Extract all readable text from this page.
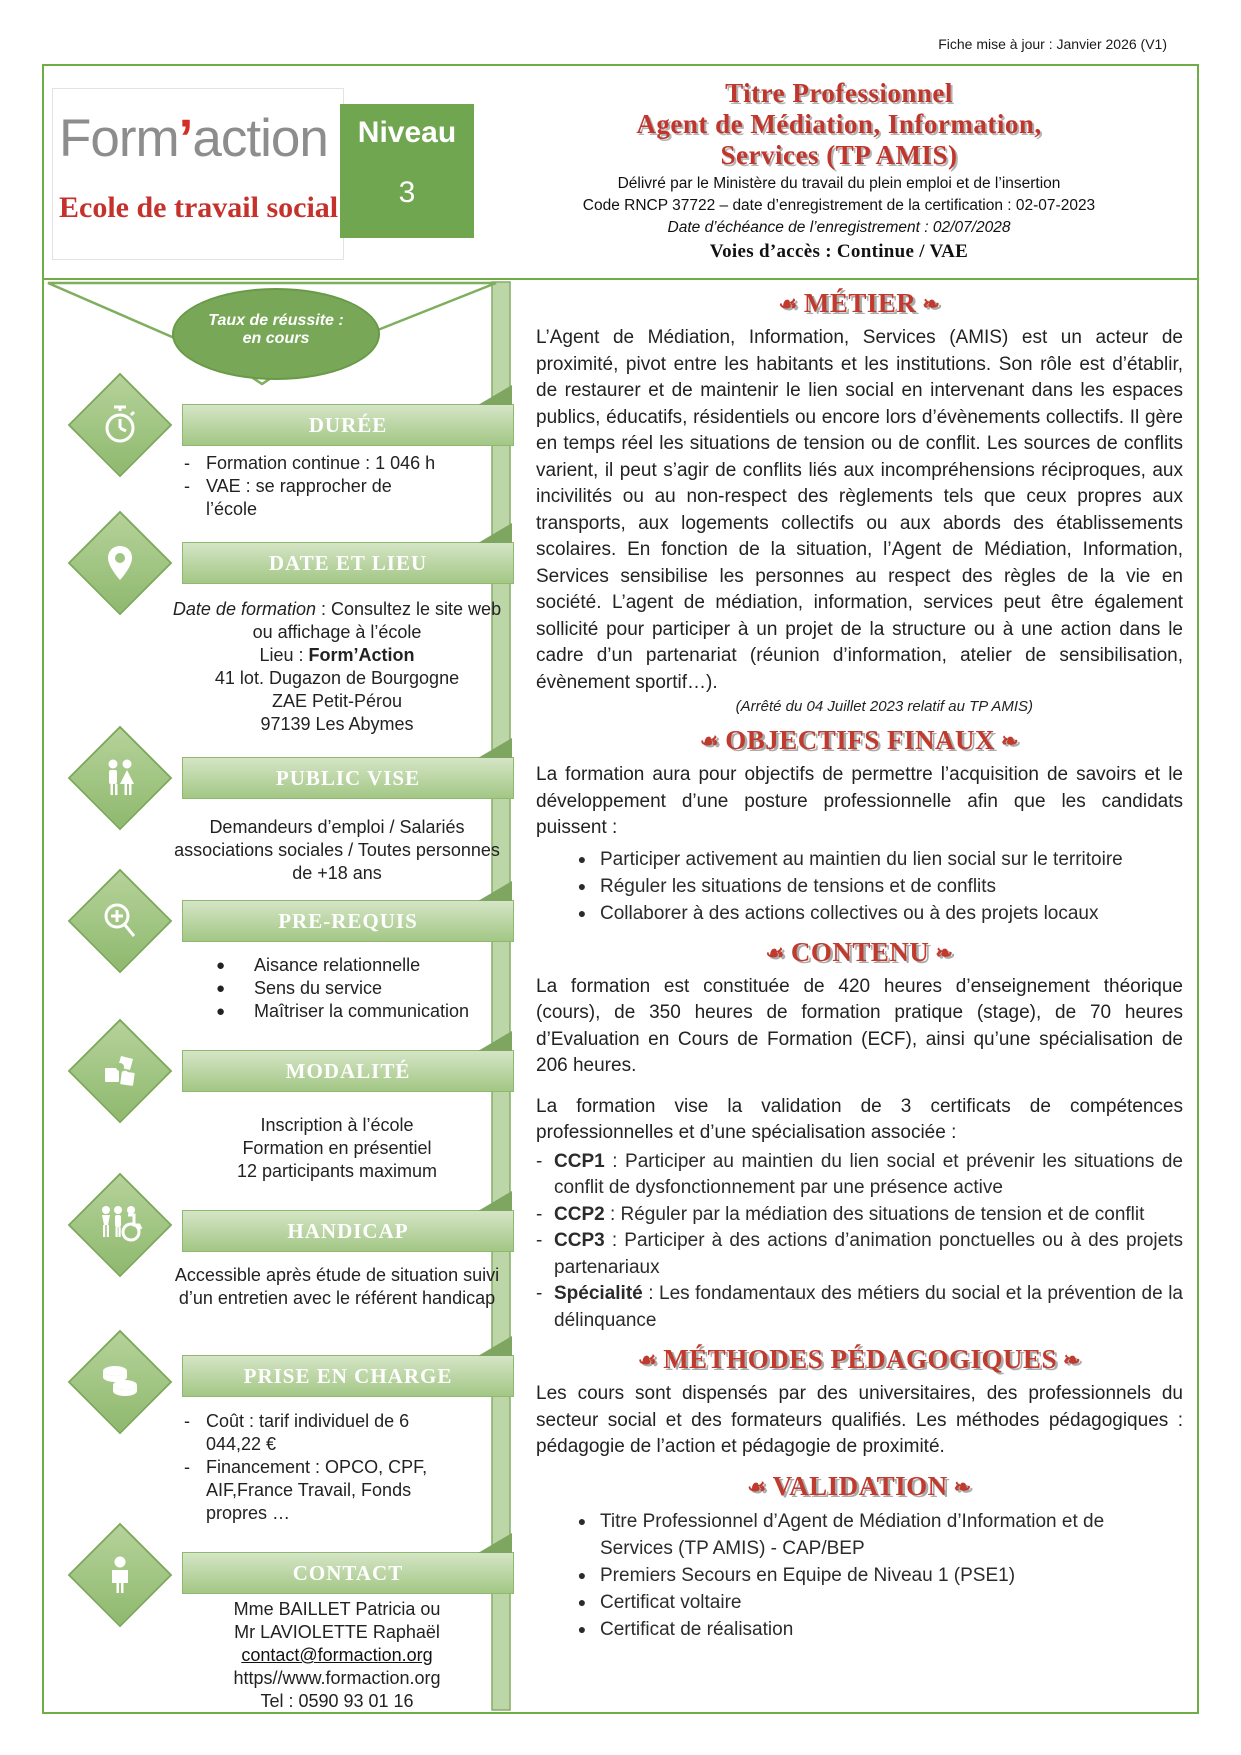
Fiche mise à jour : Janvier 2026 (V1)
Form’action
Ecole de travail social
Niveau
3
Titre Professionnel
Agent de Médiation, Information,
Services (TP AMIS)
Délivré par le Ministère du travail du plein emploi et de l’insertion
Code RNCP 37722 – date d’enregistrement de la certification : 02-07-2023
Date d’échéance de l’enregistrement : 02/07/2028
Voies d’accès : Continue / VAE
Taux de réussite :
en cours
DURÉE
DATE ET LIEU
PUBLIC VISE
PRE-REQUIS
MODALITÉ
HANDICAP
PRISE EN CHARGE
CONTACT
- Formation continue : 1 046 h
- VAE : se rapprocher de l’école
Date de formation : Consultez le site web ou affichage à l’école
Lieu : Form’Action
41 lot. Dugazon de Bourgogne
ZAE Petit-Pérou
97139 Les Abymes
Demandeurs d’emploi / Salariés associations sociales / Toutes personnes de +18 ans
●	Aisance relationnelle
●	Sens du service
●	Maîtriser la communication
Inscription à l’école
Formation en présentiel
12 participants maximum
Accessible après étude de situation suivi d’un entretien avec le référent handicap
- Coût : tarif individuel de 6 044,22 €
- Financement : OPCO, CPF, AIF,France Travail, Fonds propres …
Mme BAILLET Patricia ou
Mr LAVIOLETTE Raphaël
contact@formaction.org
https//www.formaction.org
Tel : 0590 93 01 16
☙ MÉTIER ❧
L’Agent de Médiation, Information, Services (AMIS) est un acteur de proximité, pivot entre les habitants et les institutions. Son rôle est d’établir, de restaurer et de maintenir le lien social en intervenant dans les espaces publics, éducatifs, résidentiels ou encore lors d’évènements collectifs. Il gère en temps réel les situations de tension ou de conflit. Les sources de conflits varient, il peut s’agir de conflits liés aux incompréhensions réciproques, aux incivilités ou au non-respect des règlements tels que ceux propres aux transports, aux logements collectifs ou aux abords des établissements scolaires. En fonction de la situation, l’Agent de Médiation, Information, Services sensibilise les personnes au respect des règles de la vie en société. L’agent de médiation, information, services peut être également sollicité pour participer à un projet de la structure ou à une action dans le cadre d’un partenariat (réunion d’information, atelier de sensibilisation, évènement sportif…).
(Arrêté du 04 Juillet 2023 relatif au TP AMIS)
☙ OBJECTIFS FINAUX ❧
La formation aura pour objectifs de permettre l’acquisition de savoirs et le développement d’une posture professionnelle afin que les candidats puissent :
● Participer activement au maintien du lien social sur le territoire
● Réguler les situations de tensions et de conflits
● Collaborer à des actions collectives ou à des projets locaux
☙ CONTENU ❧
La formation est constituée de 420 heures d’enseignement théorique (cours), de 350 heures de formation pratique (stage), de 70 heures d’Evaluation en Cours de Formation (ECF), ainsi qu’une spécialisation de 206 heures.
La formation vise la validation de 3 certificats de compétences professionnelles et d’une spécialisation associée :
- CCP1 : Participer au maintien du lien social et prévenir les situations de conflit de dysfonctionnement par une présence active
- CCP2 : Réguler par la médiation des situations de tension et de conflit
- CCP3 : Participer à des actions d’animation ponctuelles ou à des projets partenariaux
- Spécialité : Les fondamentaux des métiers du social et la prévention de la délinquance
☙ MÉTHODES PÉDAGOGIQUES ❧
Les cours sont dispensés par des universitaires, des professionnels du secteur social et des formateurs qualifiés. Les méthodes pédagogiques : pédagogie de l’action et pédagogie de proximité.
☙ VALIDATION ❧
● Titre Professionnel d’Agent de Médiation d’Information et de Services (TP AMIS) - CAP/BEP
● Premiers Secours en Equipe de Niveau 1 (PSE1)
● Certificat voltaire
● Certificat de réalisation
